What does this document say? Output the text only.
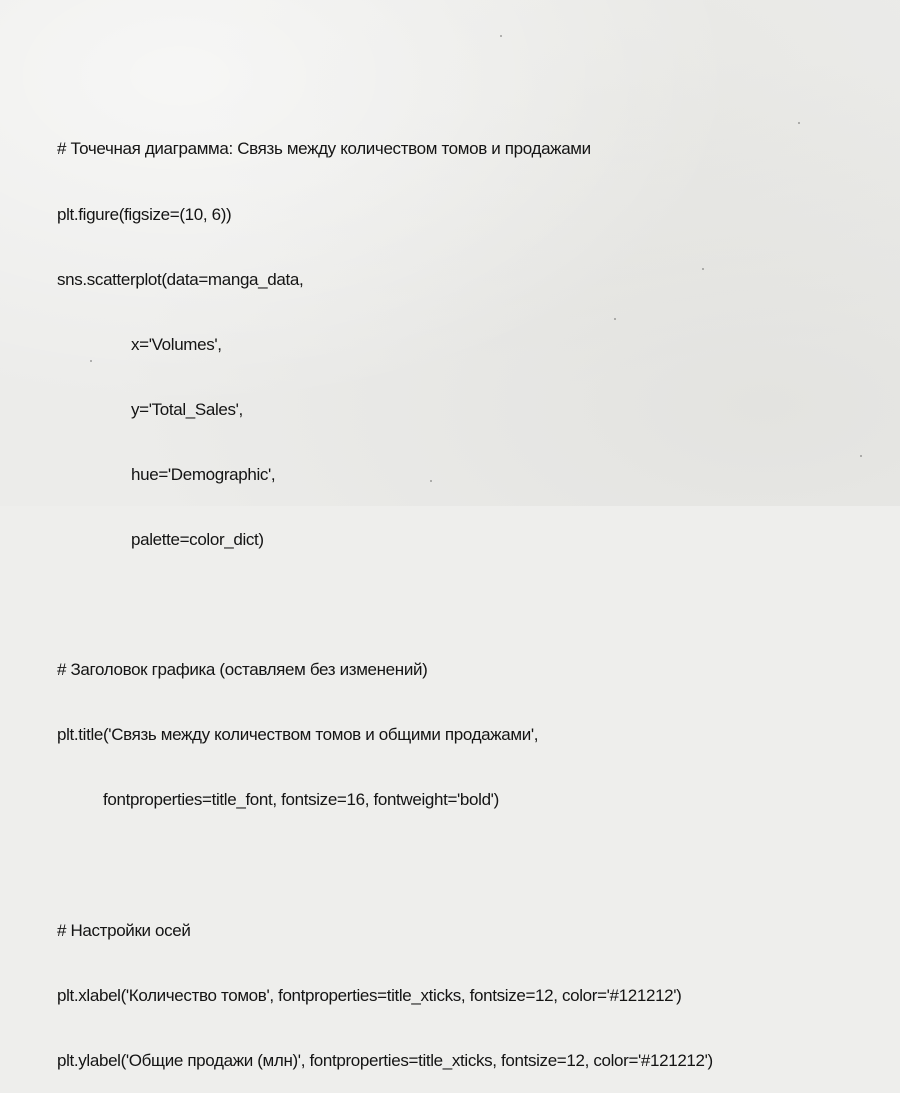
# Точечная диаграмма: Связь между количеством томов и продажами

plt.figure(figsize=(10, 6))

sns.scatterplot(data=manga_data,

x='Volumes',

y='Total_Sales',

hue='Demographic',

palette=color_dict)

# Заголовок графика (оставляем без изменений)

plt.title('Связь между количеством томов и общими продажами',

fontproperties=title_font, fontsize=16, fontweight='bold')

# Настройки осей

plt.xlabel('Количество томов', fontproperties=title_xticks, fontsize=12, color='#121212')

plt.ylabel('Общие продажи (млн)', fontproperties=title_xticks, fontsize=12, color='#121212')
